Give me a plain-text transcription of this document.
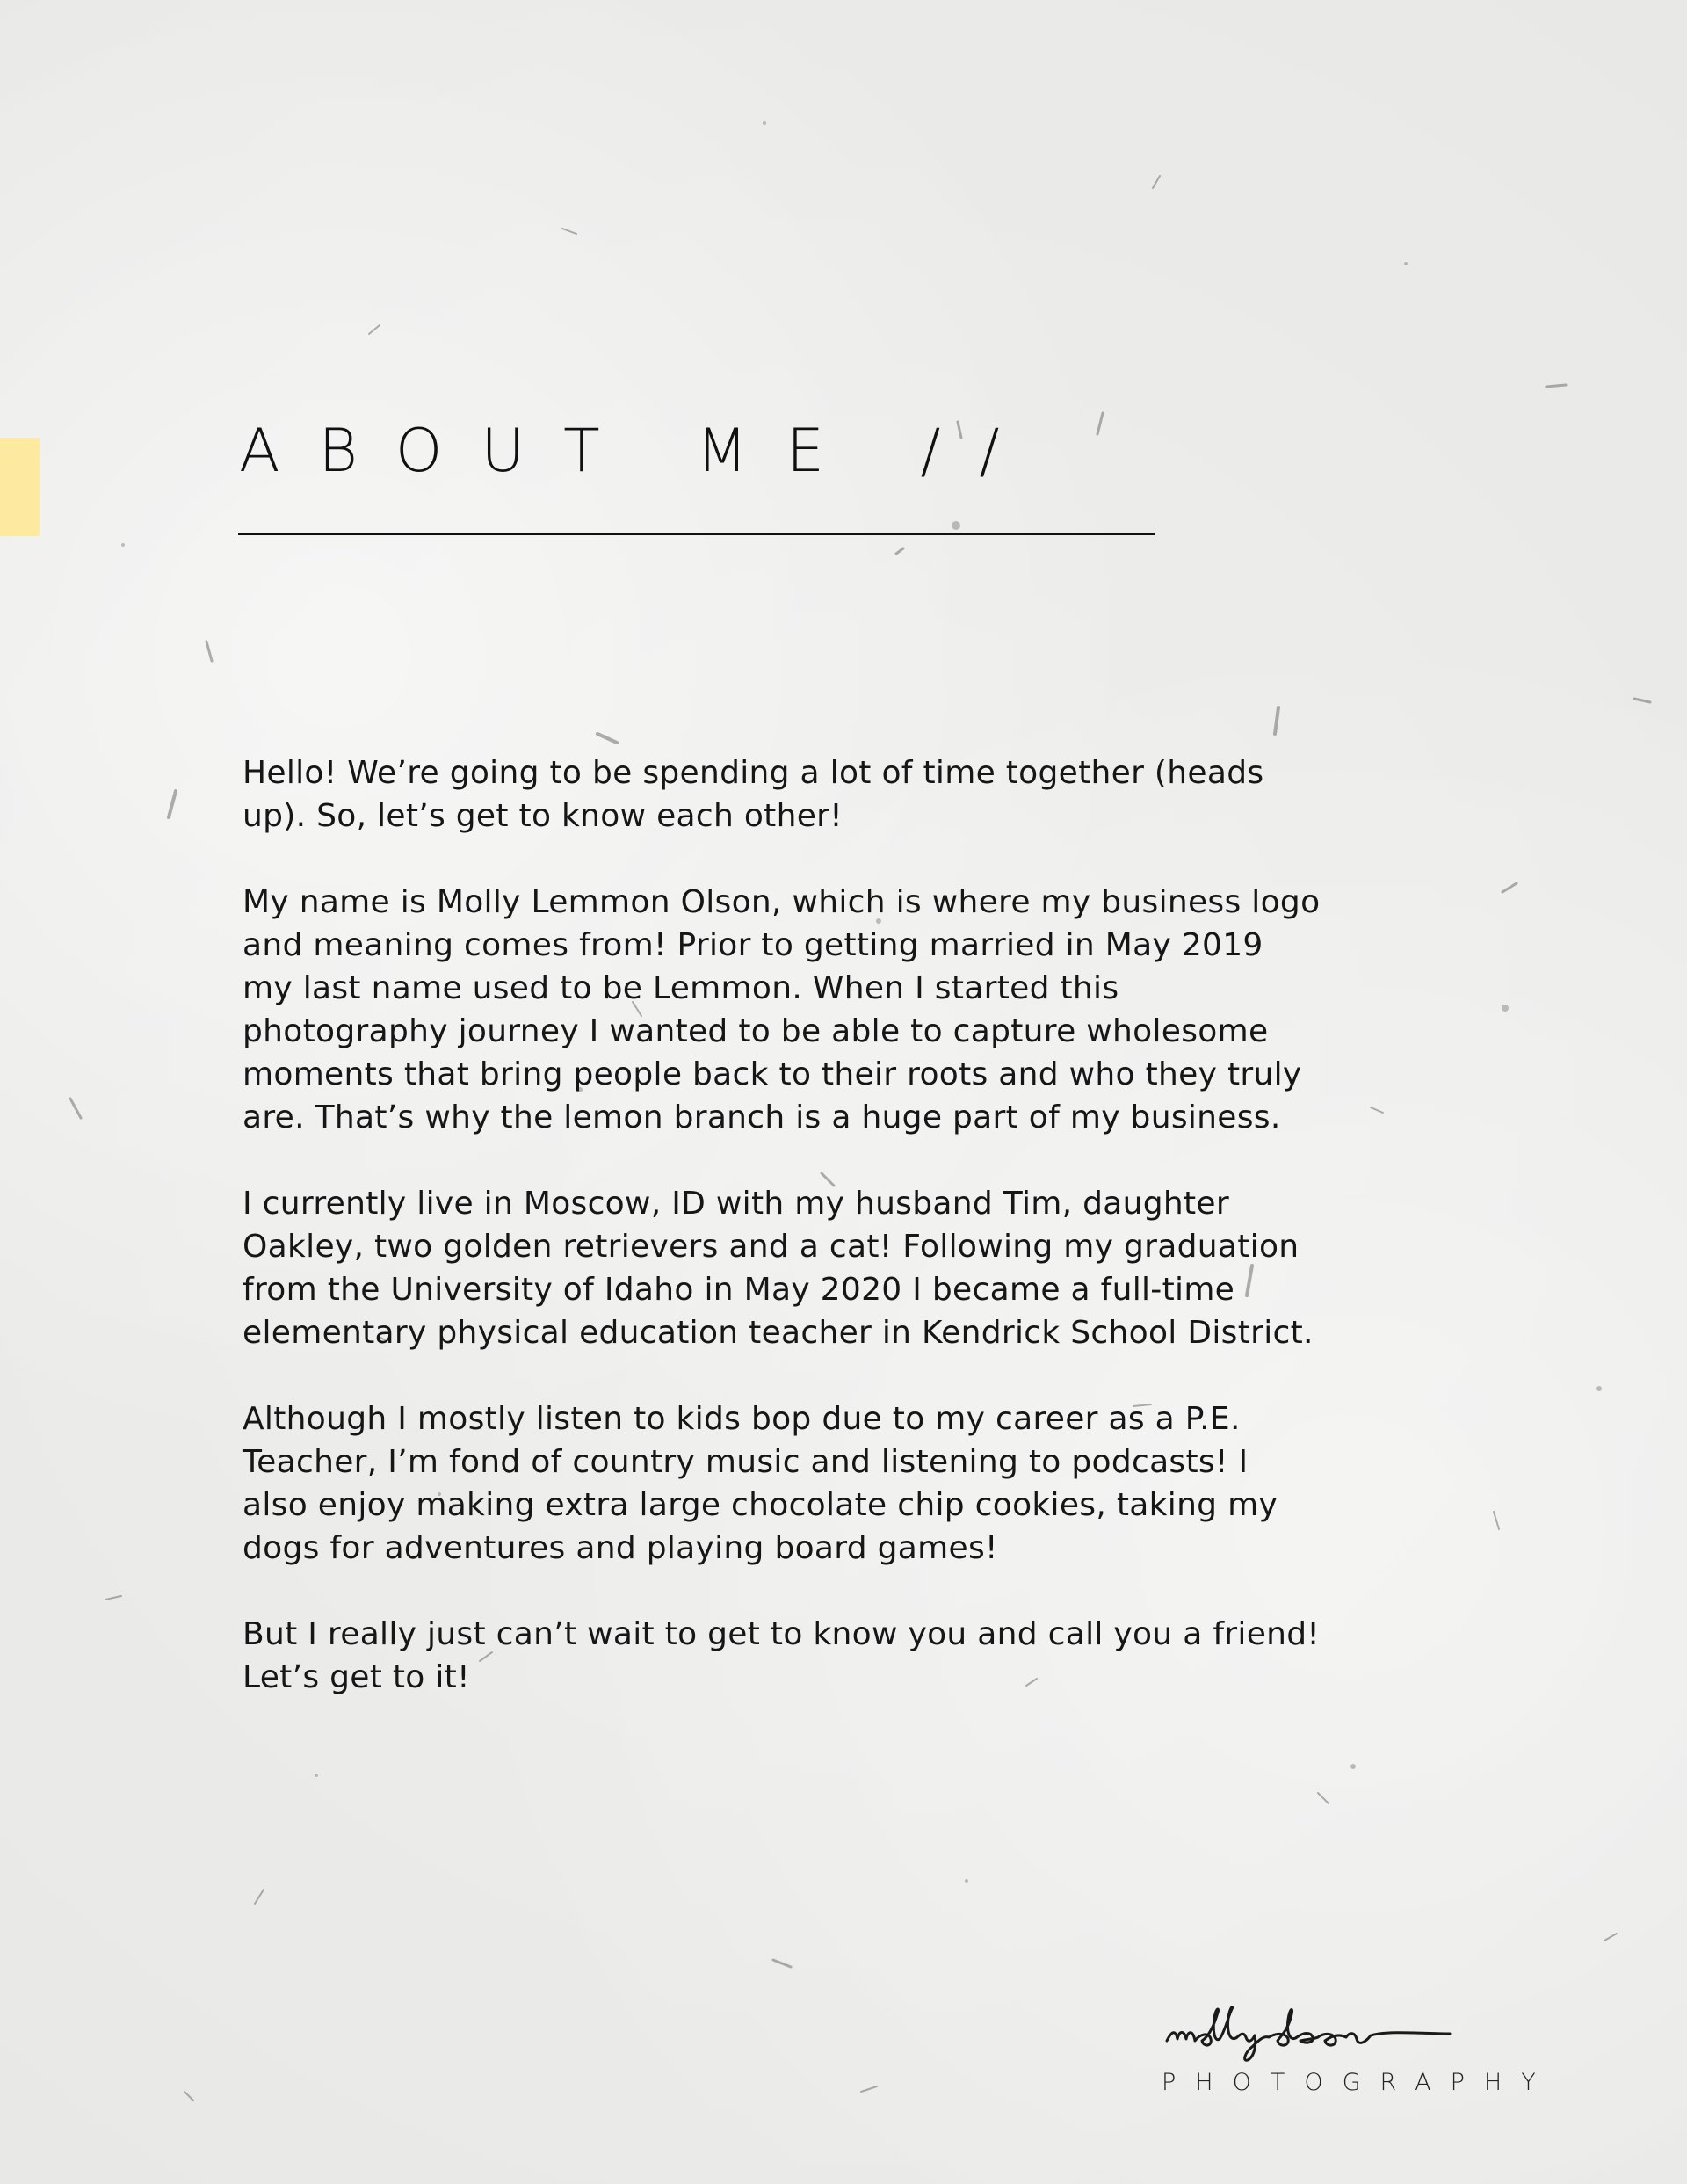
ABOUT ME //

Hello! We’re going to be spending a lot of time together (heads up). So, let’s get to know each other!

My name is Molly Lemmon Olson, which is where my business logo and meaning comes from! Prior to getting married in May 2019 my last name used to be Lemmon. When I started this photography journey I wanted to be able to capture wholesome moments that bring people back to their roots and who they truly are. That’s why the lemon branch is a huge part of my business.

I currently live in Moscow, ID with my husband Tim, daughter Oakley, two golden retrievers and a cat! Following my graduation from the University of Idaho in May 2020 I became a full-time elementary physical education teacher in Kendrick School District.

Although I mostly listen to kids bop due to my career as a P.E. Teacher, I’m fond of country music and listening to podcasts! I also enjoy making extra large chocolate chip cookies, taking my dogs for adventures and playing board games!

But I really just can’t wait to get to know you and call you a friend! Let’s get to it!

PHOTOGRAPHY
